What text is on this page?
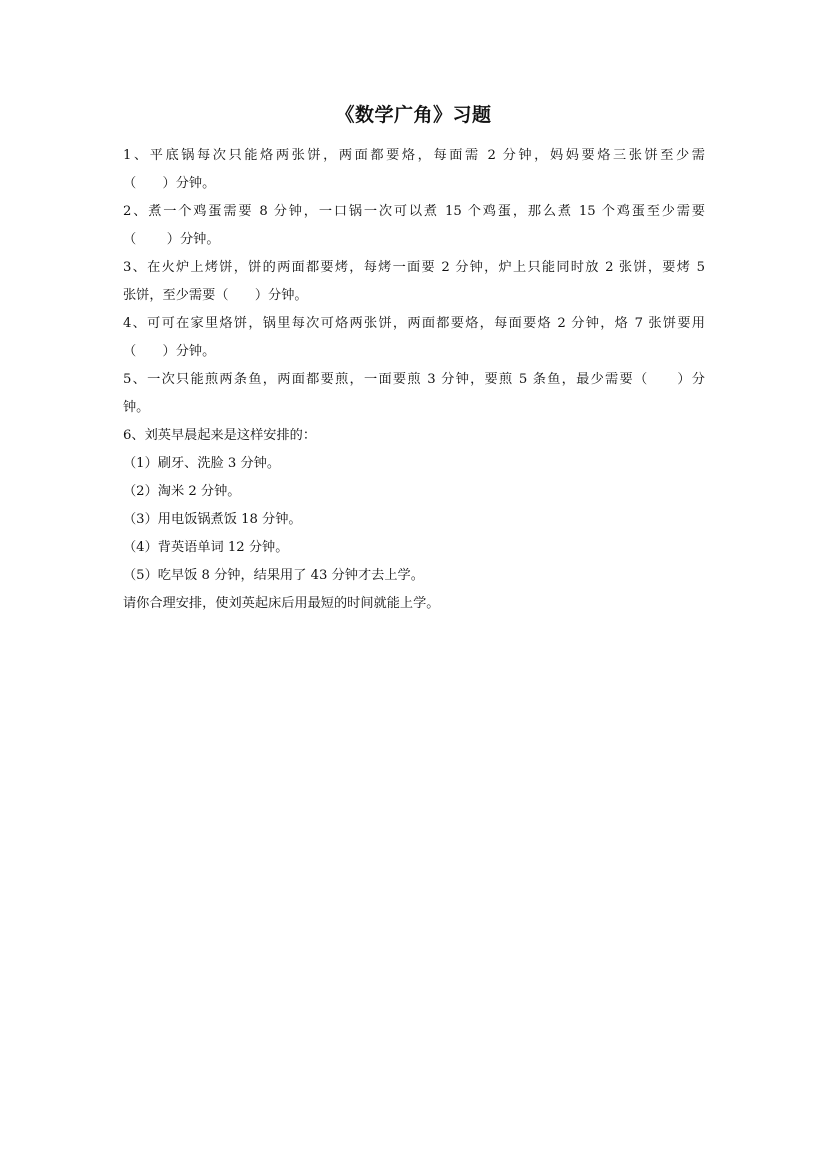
《数学广角》习题
1、平底锅每次只能烙两张饼，两面都要烙，每面需 2 分钟，妈妈要烙三张饼至少需
（　　）分钟。
2、煮一个鸡蛋需要 8 分钟，一口锅一次可以煮 15 个鸡蛋，那么煮 15 个鸡蛋至少需要
（　　 ）分钟。
3、在火炉上烤饼，饼的两面都要烤，每烤一面要 2 分钟，炉上只能同时放 2 张饼，要烤 5
张饼，至少需要（　　）分钟。
4、可可在家里烙饼，锅里每次可烙两张饼，两面都要烙，每面要烙 2 分钟，烙 7 张饼要用
（　　）分钟。
5、一次只能煎两条鱼，两面都要煎，一面要煎 3 分钟，要煎 5 条鱼，最少需要（　　）分
钟。
6、刘英早晨起来是这样安排的：
（1）刷牙、洗脸 3 分钟。
（2）淘米 2 分钟。
（3）用电饭锅煮饭 18 分钟。
（4）背英语单词 12 分钟。
（5）吃早饭 8 分钟，结果用了 43 分钟才去上学。
请你合理安排，使刘英起床后用最短的时间就能上学。
